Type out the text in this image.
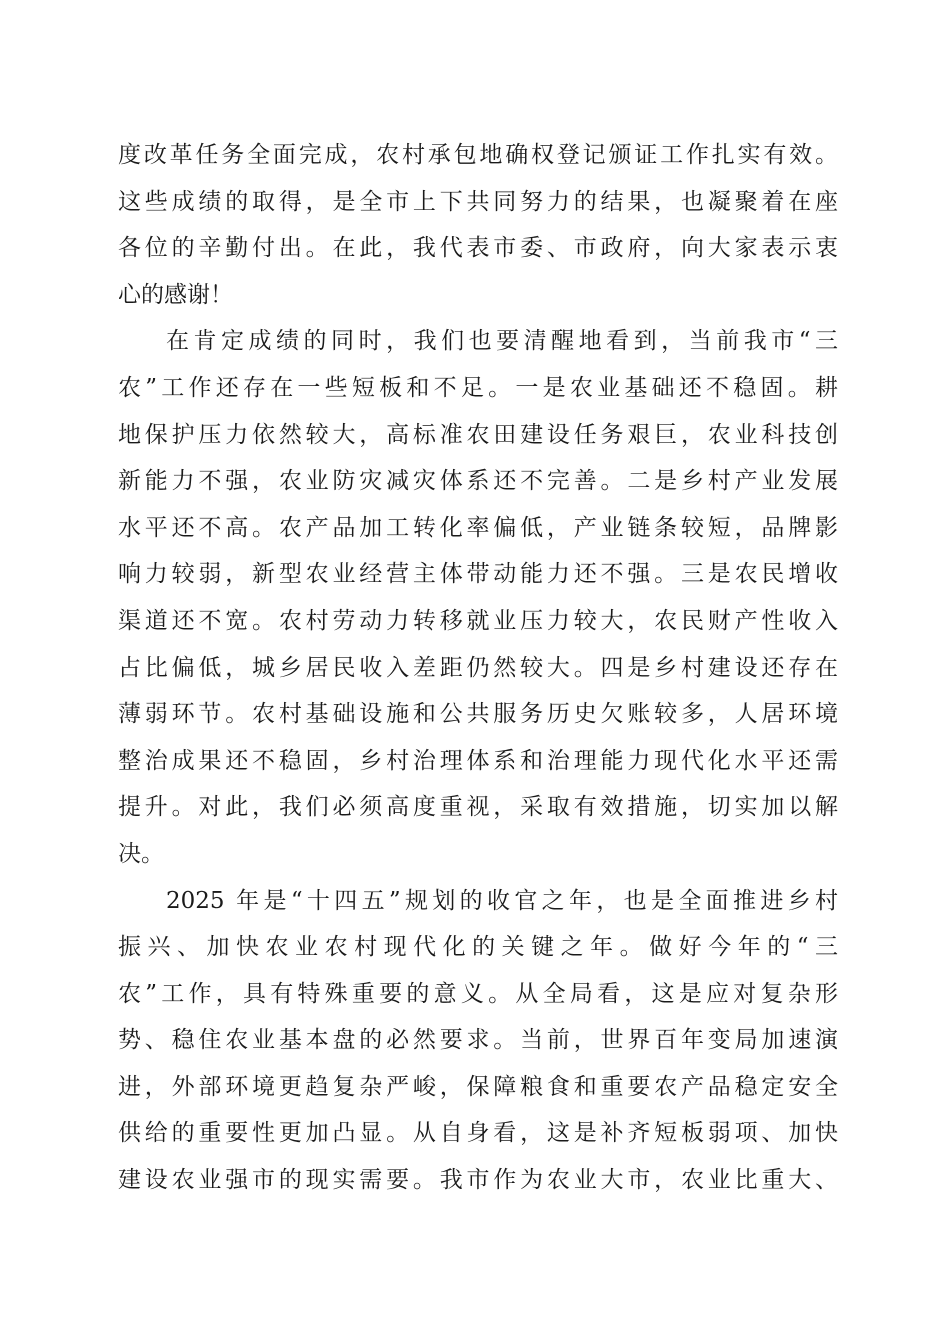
度改革任务全面完成，农村承包地确权登记颁证工作扎实有效。
这些成绩的取得，是全市上下共同努力的结果，也凝聚着在座
各位的辛勤付出。在此，我代表市委、市政府，向大家表示衷
心的感谢！
在肯定成绩的同时，我们也要清醒地看到，当前我市“三
农”工作还存在一些短板和不足。一是农业基础还不稳固。耕
地保护压力依然较大，高标准农田建设任务艰巨，农业科技创
新能力不强，农业防灾减灾体系还不完善。二是乡村产业发展
水平还不高。农产品加工转化率偏低，产业链条较短，品牌影
响力较弱，新型农业经营主体带动能力还不强。三是农民增收
渠道还不宽。农村劳动力转移就业压力较大，农民财产性收入
占比偏低，城乡居民收入差距仍然较大。四是乡村建设还存在
薄弱环节。农村基础设施和公共服务历史欠账较多，人居环境
整治成果还不稳固，乡村治理体系和治理能力现代化水平还需
提升。对此，我们必须高度重视，采取有效措施，切实加以解
决。
2025 年是“十四五”规划的收官之年，也是全面推进乡村
振兴、加快农业农村现代化的关键之年。做好今年的“三
农”工作，具有特殊重要的意义。从全局看，这是应对复杂形
势、稳住农业基本盘的必然要求。当前，世界百年变局加速演
进，外部环境更趋复杂严峻，保障粮食和重要农产品稳定安全
供给的重要性更加凸显。从自身看，这是补齐短板弱项、加快
建设农业强市的现实需要。我市作为农业大市，农业比重大、
